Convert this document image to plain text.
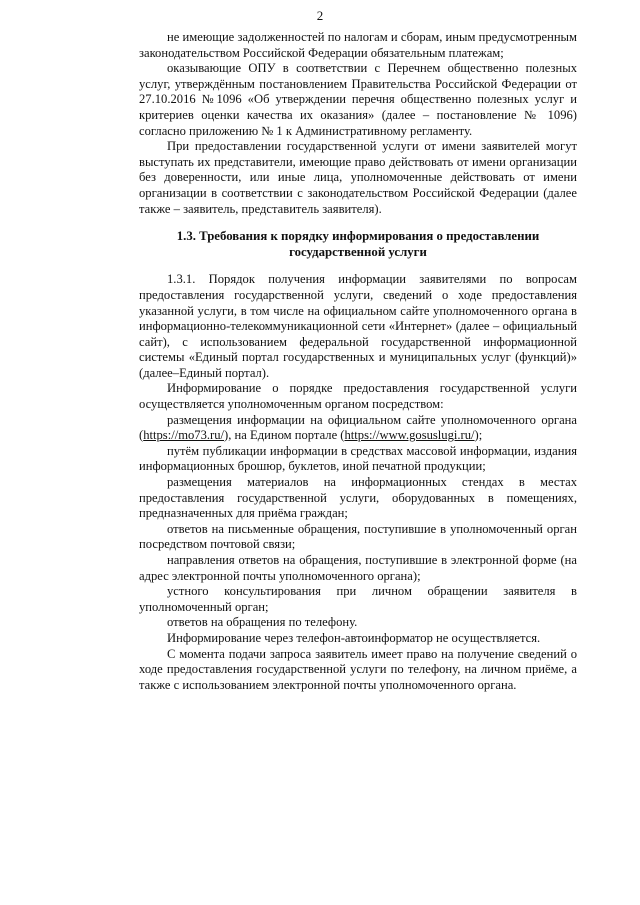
2

не имеющие задолженностей по налогам и сборам, иным предусмотренным законодательством Российской Федерации обязательным платежам;

оказывающие ОПУ в соответствии с Перечнем общественно полезных услуг, утверждённым постановлением Правительства Российской Федерации от 27.10.2016 №1096 «Об утверждении перечня общественно полезных услуг и критериев оценки качества их оказания» (далее – постановление № 1096) согласно приложению № 1 к Административному регламенту.

При предоставлении государственной услуги от имени заявителей могут выступать их представители, имеющие право действовать от имени организации без доверенности, или иные лица, уполномоченные действовать от имени организации в соответствии с законодательством Российской Федерации (далее также – заявитель, представитель заявителя).

1.3. Требования к порядку информирования о предоставлении государственной услуги

1.3.1. Порядок получения информации заявителями по вопросам предоставления государственной услуги, сведений о ходе предоставления указанной услуги, в том числе на официальном сайте уполномоченного органа в информационно-телекоммуникационной сети «Интернет» (далее – официальный сайт), с использованием федеральной государственной информационной системы «Единый портал государственных и муниципальных услуг (функций)» (далее–Единый портал).

Информирование о порядке предоставления государственной услуги осуществляется уполномоченным органом посредством:

размещения информации на официальном сайте уполномоченного органа (https://mo73.ru/), на Едином портале (https://www.gosuslugi.ru/);

путём публикации информации в средствах массовой информации, издания информационных брошюр, буклетов, иной печатной продукции;

размещения материалов на информационных стендах в местах предоставления государственной услуги, оборудованных в помещениях, предназначенных для приёма граждан;

ответов на письменные обращения, поступившие в уполномоченный орган посредством почтовой связи;

направления ответов на обращения, поступившие в электронной форме (на адрес электронной почты уполномоченного органа);

устного консультирования при личном обращении заявителя в уполномоченный орган;

ответов на обращения по телефону.

Информирование через телефон-автоинформатор не осуществляется.

С момента подачи запроса заявитель имеет право на получение сведений о ходе предоставления государственной услуги по телефону, на личном приёме, а также с использованием электронной почты уполномоченного органа.
